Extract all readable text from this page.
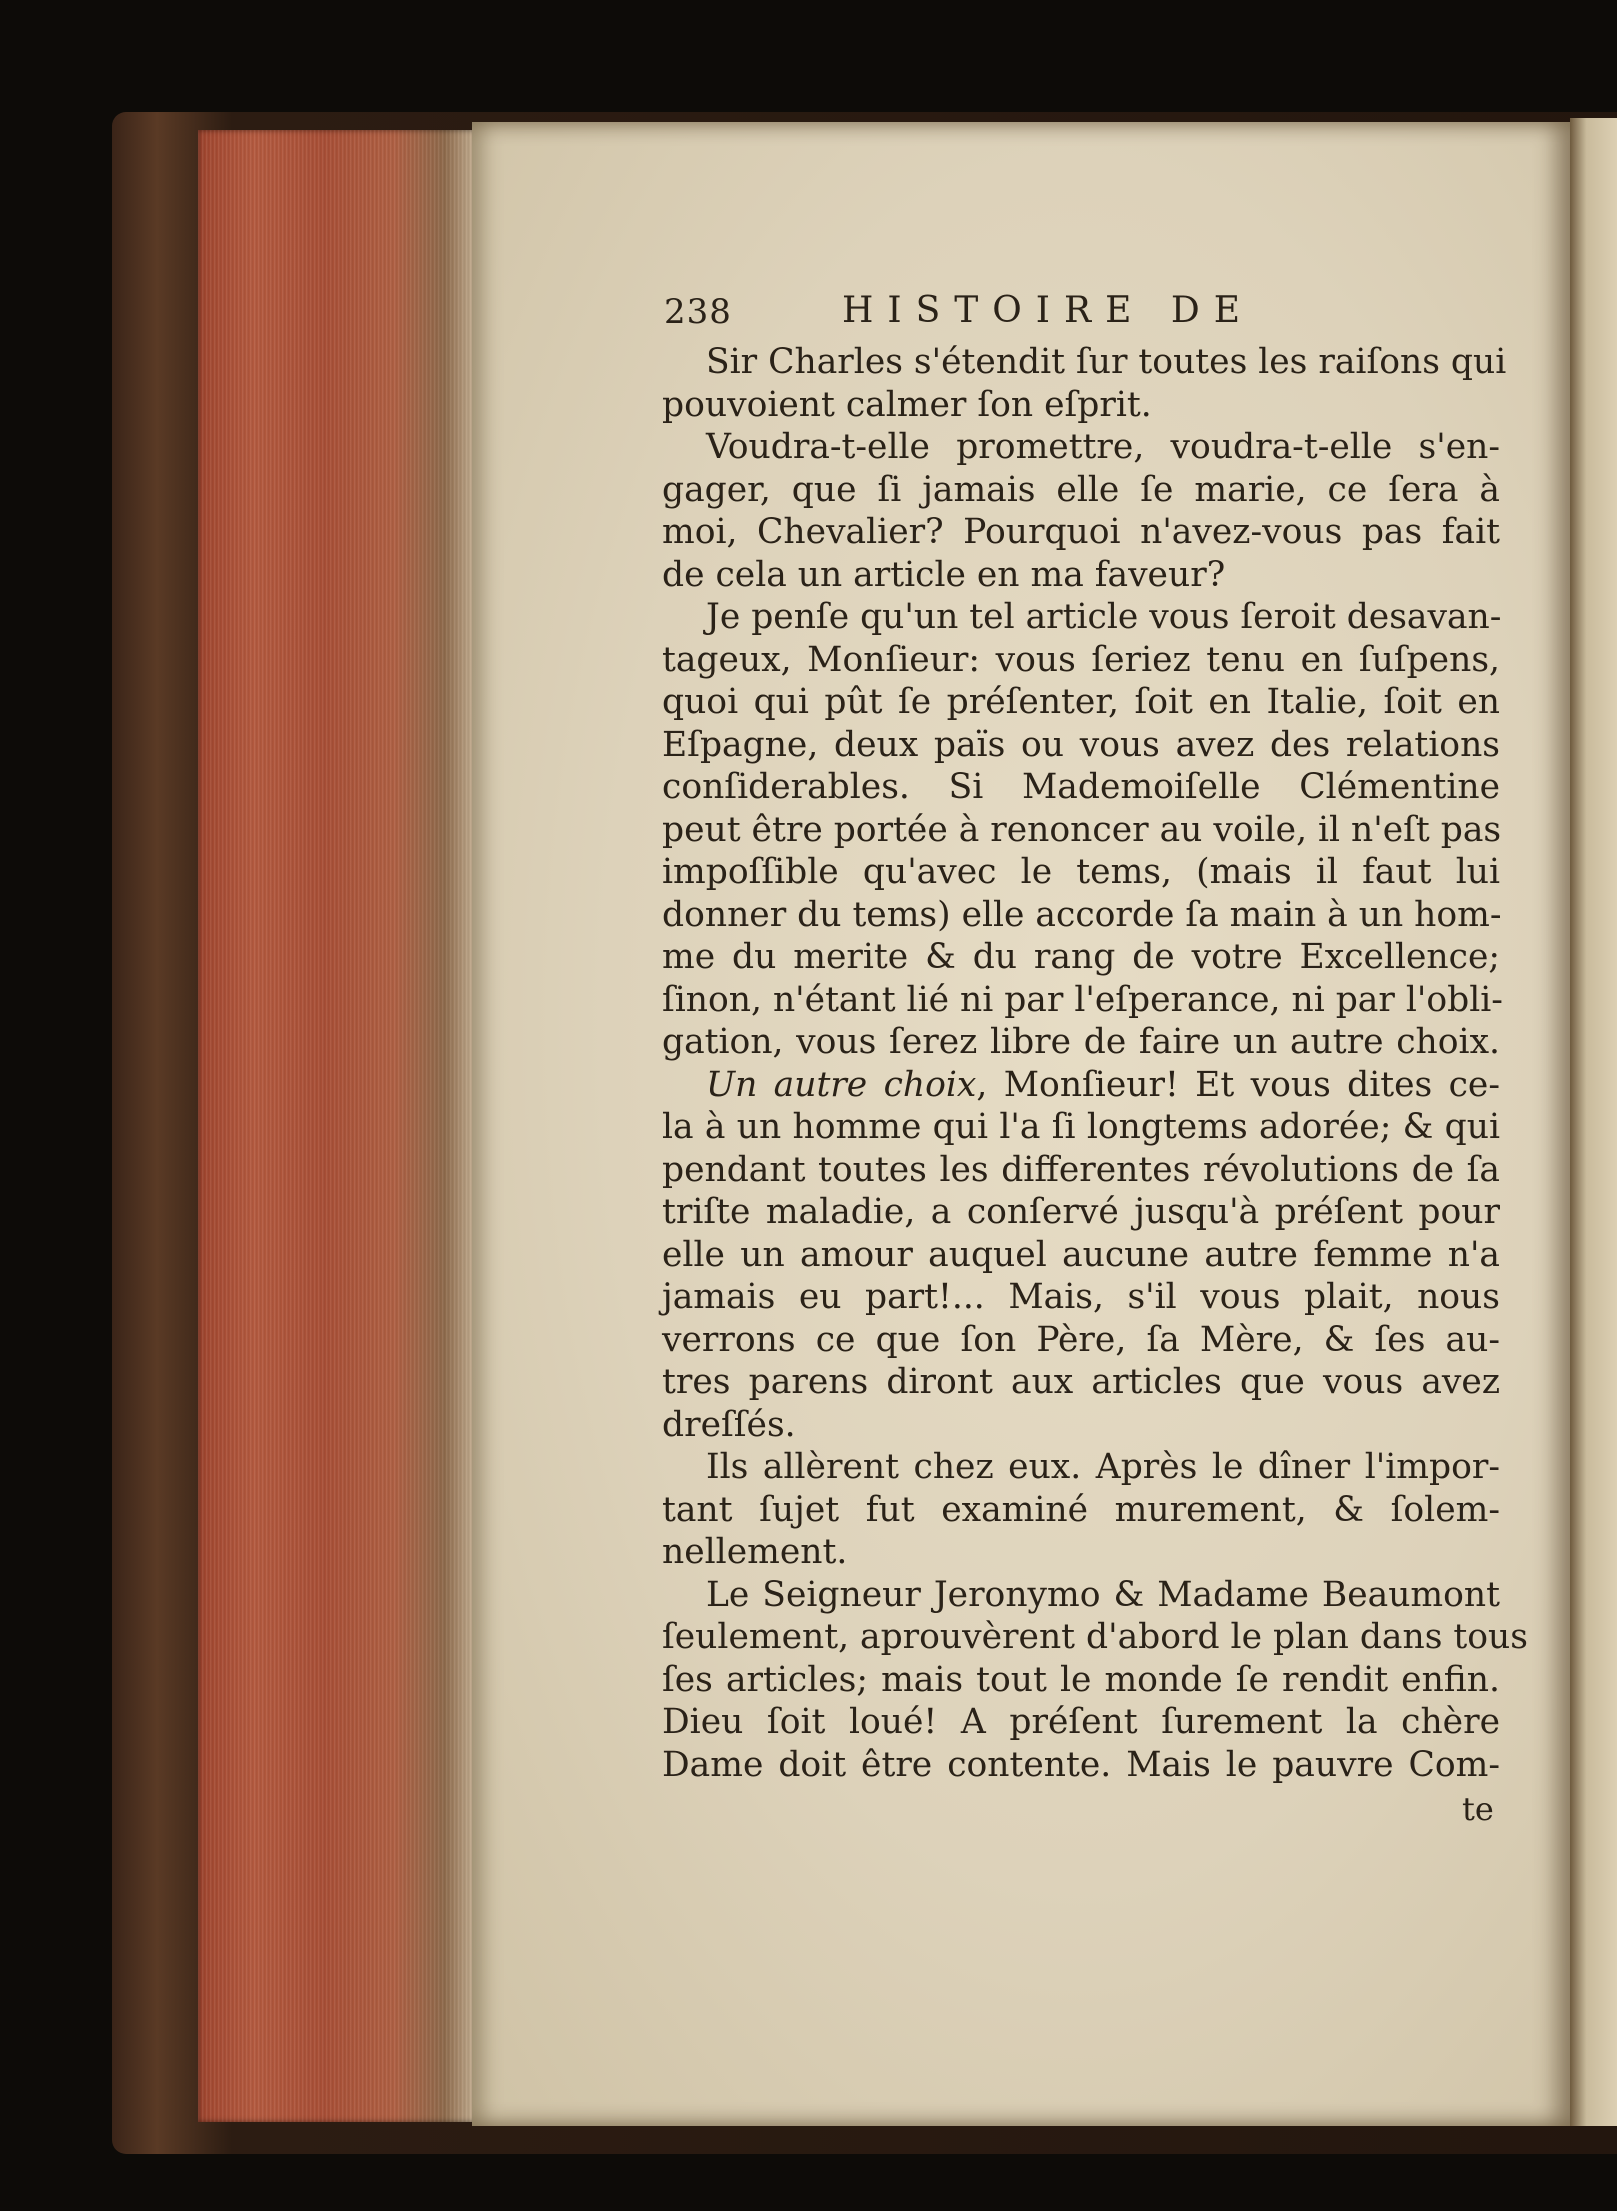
238	HISTOIRE DE
Sir Charles s'étendit ſur toutes les raiſons qui
pouvoient calmer ſon eſprit.
Voudra-t-elle promettre, voudra-t-elle s'en-
gager, que ſi jamais elle ſe marie, ce ſera à
moi, Chevalier? Pourquoi n'avez-vous pas fait
de cela un article en ma faveur?
Je penſe qu'un tel article vous ſeroit desavan-
tageux, Monſieur: vous ſeriez tenu en ſuſpens,
quoi qui pût ſe préſenter, ſoit en Italie, ſoit en
Eſpagne, deux païs ou vous avez des relations
conſiderables. Si Mademoiſelle Clémentine
peut être portée à renoncer au voile, il n'eſt pas
impoſſible qu'avec le tems, (mais il faut lui
donner du tems) elle accorde ſa main à un hom-
me du merite & du rang de votre Excellence;
ſinon, n'étant lié ni par l'eſperance, ni par l'obli-
gation, vous ſerez libre de faire un autre choix.
Un autre choix, Monſieur! Et vous dites ce-
la à un homme qui l'a ſi longtems adorée; & qui
pendant toutes les differentes révolutions de ſa
triſte maladie, a conſervé jusqu'à préſent pour
elle un amour auquel aucune autre femme n'a
jamais eu part!... Mais, s'il vous plait, nous
verrons ce que ſon Père, ſa Mère, & ſes au-
tres parens diront aux articles que vous avez
dreſſés.
Ils allèrent chez eux. Après le dîner l'impor-
tant ſujet fut examiné murement, & ſolem-
nellement.
Le Seigneur Jeronymo & Madame Beaumont
ſeulement, aprouvèrent d'abord le plan dans tous
ſes articles; mais tout le monde ſe rendit enfin.
Dieu ſoit loué! A préſent ſurement la chère
Dame doit être contente. Mais le pauvre Com-
te
